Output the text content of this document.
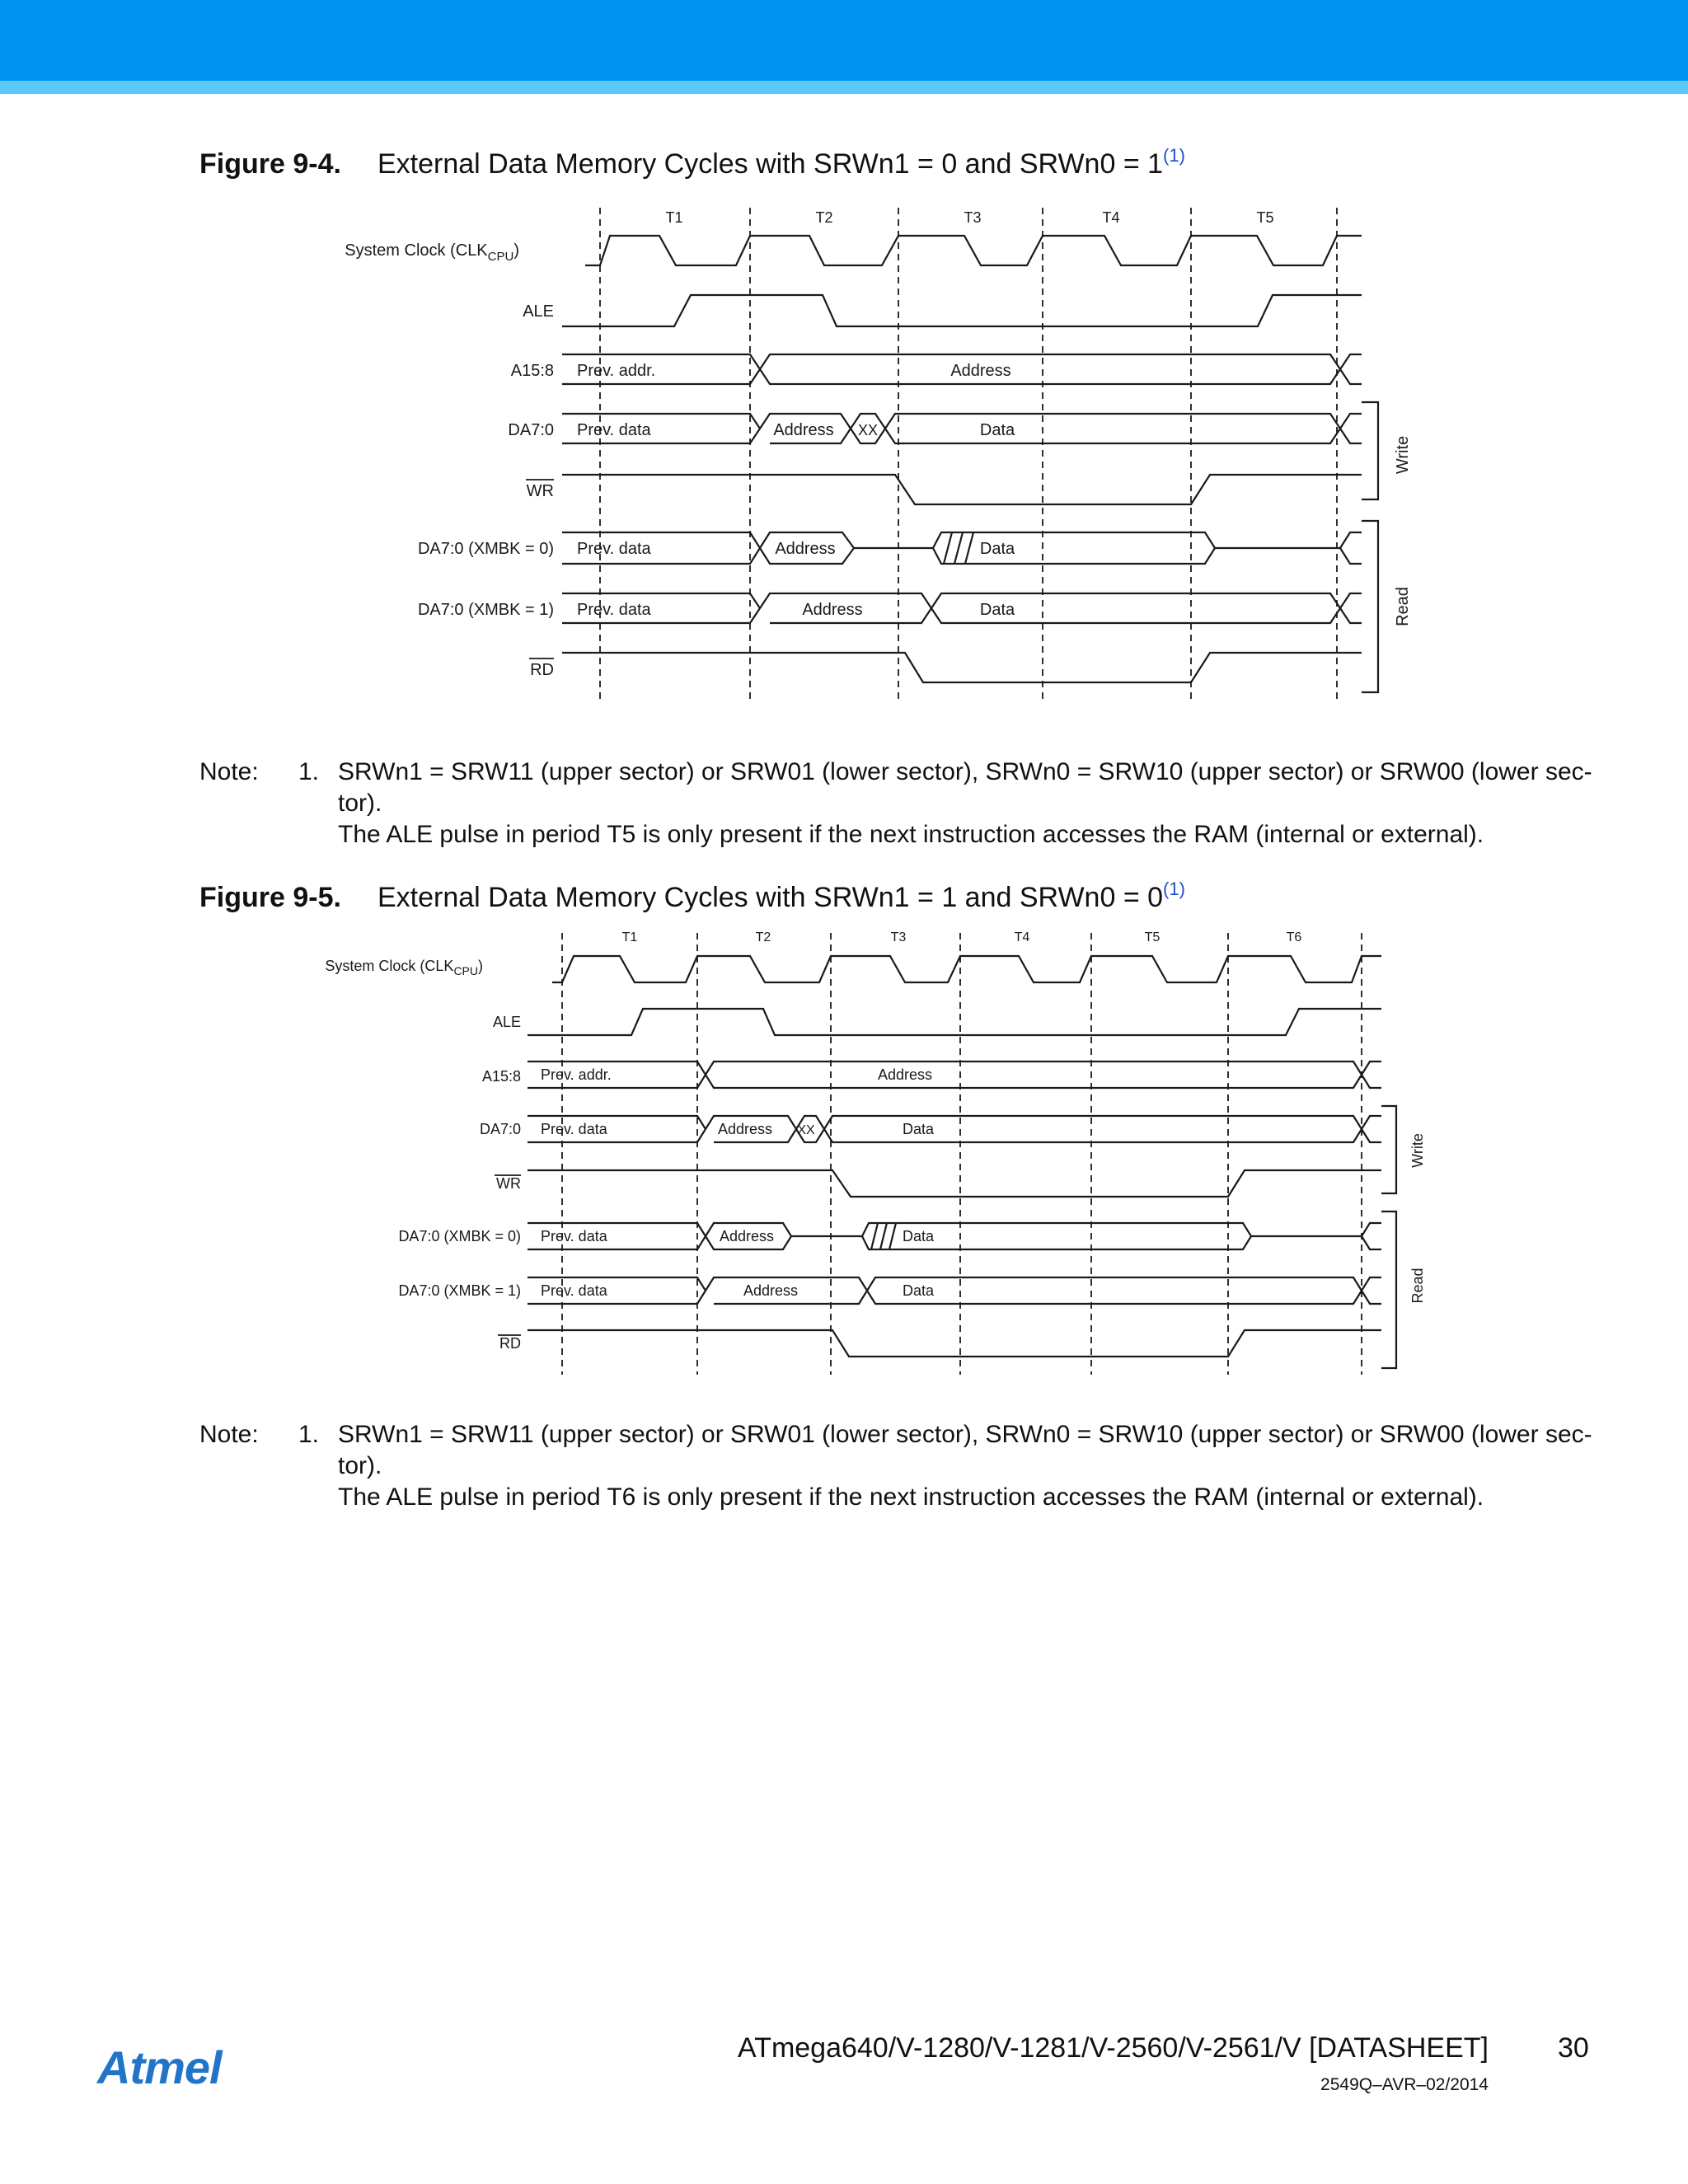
Figure 9-4. External Data Memory Cycles with SRWn1 = 0 and SRWn0 = $1^{(1)}$
T1	T2	T3	T4	T5
System Clock $(CLK_{CPU})$
ALE
A15:8
DA7:0
WR
DA7:0 (XMBK = 0)
DA7:0 (XMBK = 1)
RD
Prev. addr.	Address
Prev. data	Address XX	Data
Prev. data	Address	Data
Prev. data	Address	Data
Write
Read
Note: 1. SRWn1 = SRW11 (upper sector) or SRW01 (lower sector), SRWn0 = SRW10 (upper sector) or SRW00 (lower sec-tor).

The ALE pulse in period T5 is only present if the next instruction accesses the RAM (internal or external).

Figure 9-5. External Data Memory Cycles with SRWn1 = 1 and SRWn0 = $0^{(1)}$
T1	T2	T3	T4	T5	T6
System Clock $(CLK_{CPU})$
ALE
A15:8
DA7:0
WR
DA7:0 (XMBK = 0)
DA7:0 (XMBK = 1)
RD
Prev. addr.	Address
Prev. data	Address XX	Data
Prev. data	Address	Data
Prev. data	Address	Data
Write
Read
Note: 1. SRWn1 = SRW11 (upper sector) or SRW01 (lower sector), SRWn0 = SRW10 (upper sector) or SRW00 (lower sec-tor).

The ALE pulse in period T6 is only present if the next instruction accesses the RAM (internal or external).

Atmel	ATmega640/V-1280/V-1281/V-2560/V-2561/V [DATASHEET] 30
2549Q–AVR–02/2014
